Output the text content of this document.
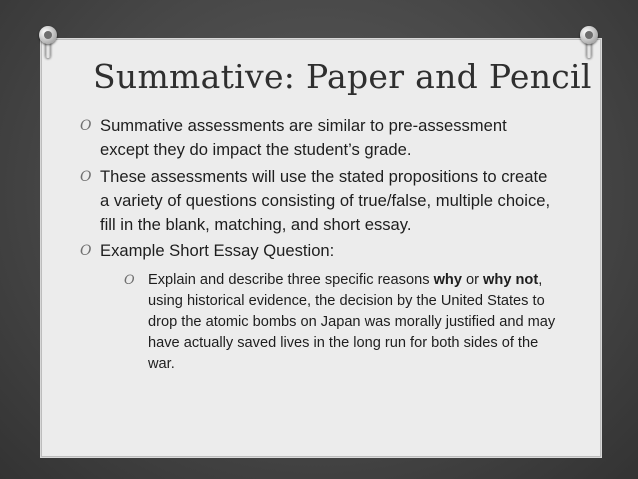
Summative: Paper and Pencil
O Summative assessments are similar to pre-assessment except they do impact the student’s grade.
O These assessments will use the stated propositions to create a variety of questions consisting of true/false, multiple choice, fill in the blank, matching, and short essay.
O Example Short Essay Question:
O Explain and describe three specific reasons why or why not, using historical evidence, the decision by the United States to drop the atomic bombs on Japan was morally justified and may have actually saved lives in the long run for both sides of the war.
